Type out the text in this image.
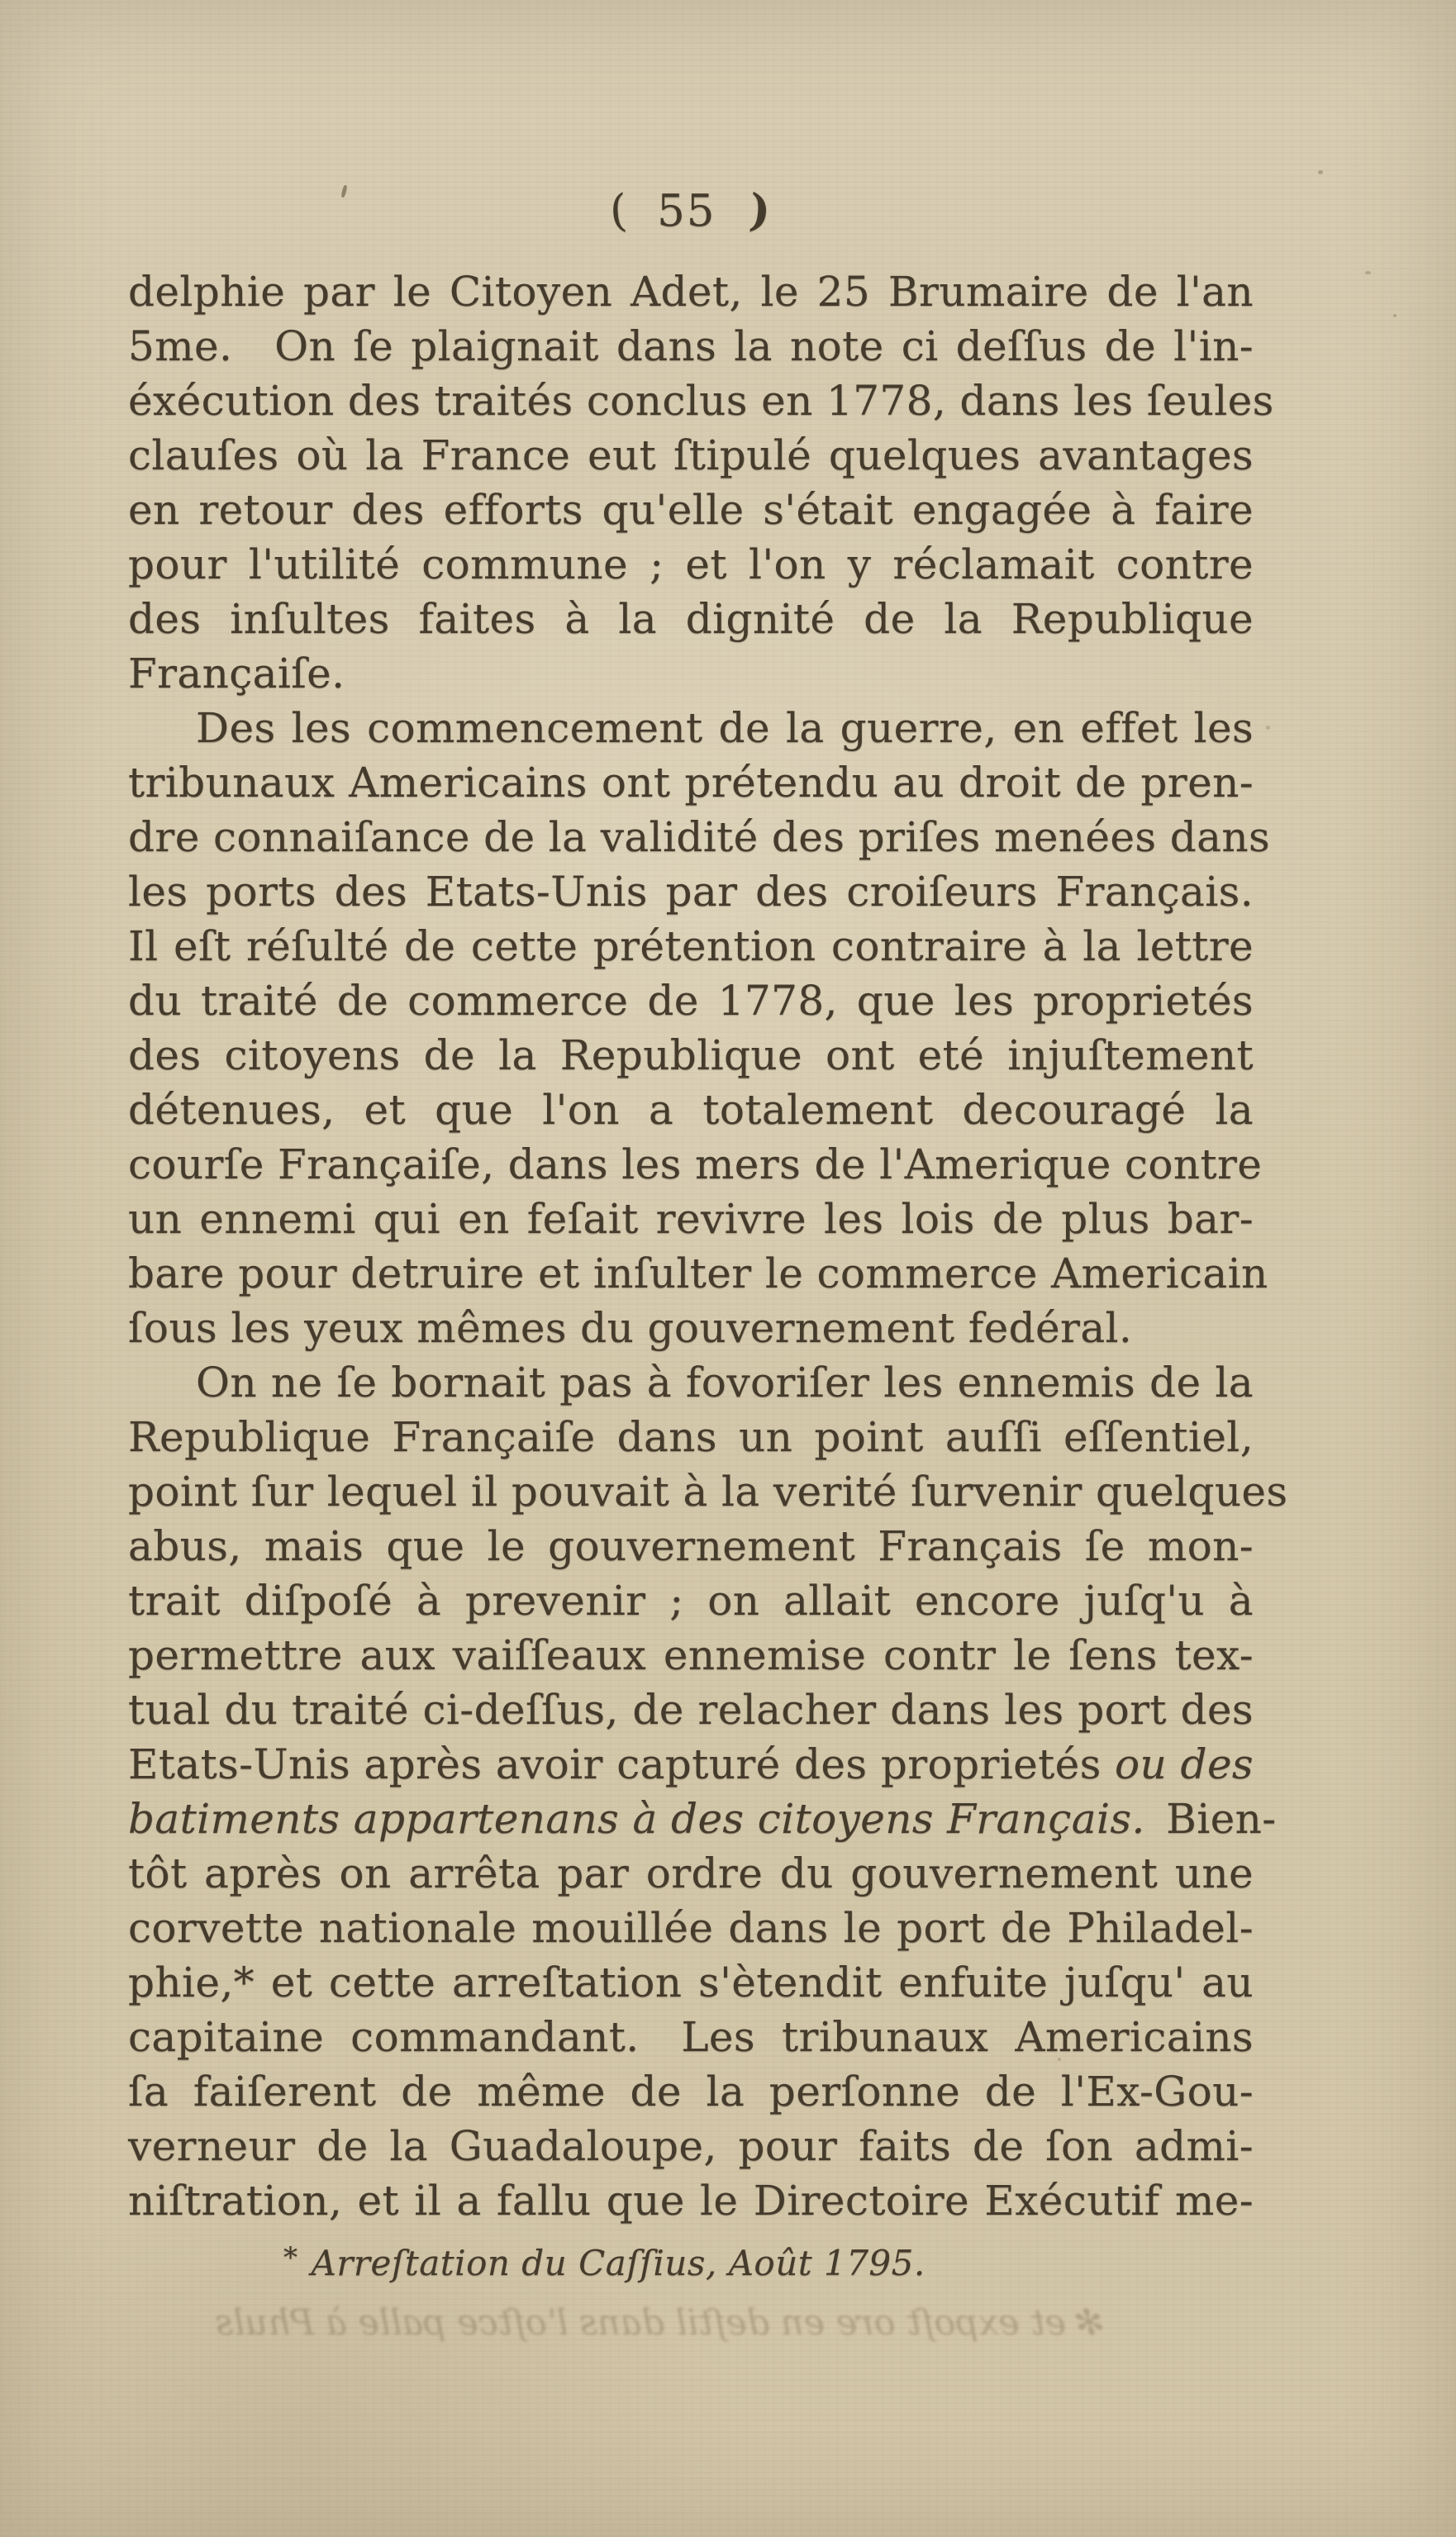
( 55 )
delphie par le Citoyen Adet, le 25 Brumaire de l'an
5me.  On ſe plaignait dans la note ci deſſus de l'in-
éxécution des traités conclus en 1778, dans les ſeules
clauſes où la France eut ſtipulé quelques avantages
en retour des efforts qu'elle s'était engagée à faire
pour l'utilité commune ; et l'on y réclamait contre
des inſultes faites à la dignité de la Republique
Françaiſe.
Des les commencement de la guerre, en effet les
tribunaux Americains ont prétendu au droit de pren-
dre connaiſance de la validité des priſes menées dans
les ports des Etats-Unis par des croiſeurs Français.
Il eſt réſulté de cette prétention contraire à la lettre
du traité de commerce de 1778, que les proprietés
des citoyens de la Republique ont eté injuſtement
détenues, et que l'on a totalement decouragé la
courſe Françaiſe, dans les mers de l'Amerique contre
un ennemi qui en feſait revivre les lois de plus bar-
bare pour detruire et inſulter le commerce Americain
ſous les yeux mêmes du gouvernement fedéral.
On ne ſe bornait pas à fovoriſer les ennemis de la
Republique Françaiſe dans un point auſſi eſſentiel,
point ſur lequel il pouvait à la verité ſurvenir quelques
abus, mais que le gouvernement Français ſe mon-
trait diſpoſé à prevenir ; on allait encore juſq'u à
permettre aux vaiſſeaux ennemise contr le ſens tex-
tual du traité ci-deſſus, de relacher dans les port des
Etats-Unis après avoir capturé des proprietés ou des
batiments appartenans à des citoyens Français. Bien-
tôt après on arrêta par ordre du gouvernement une
corvette nationale mouillée dans le port de Philadel-
phie,* et cette arreſtation s'ètendit enfuite juſqu' au
capitaine commandant.  Les tribunaux Americains
ſa faiſerent de même de la perſonne de l'Ex-Gou-
verneur de la Guadaloupe, pour faits de ſon admi-
niſtration, et il a fallu que le Directoire Exécutif me-
* Arreſtation du Caſſius, Août 1795.
✻ et expoſt ore en deſtil dans l'oſtce palle à Phuls
